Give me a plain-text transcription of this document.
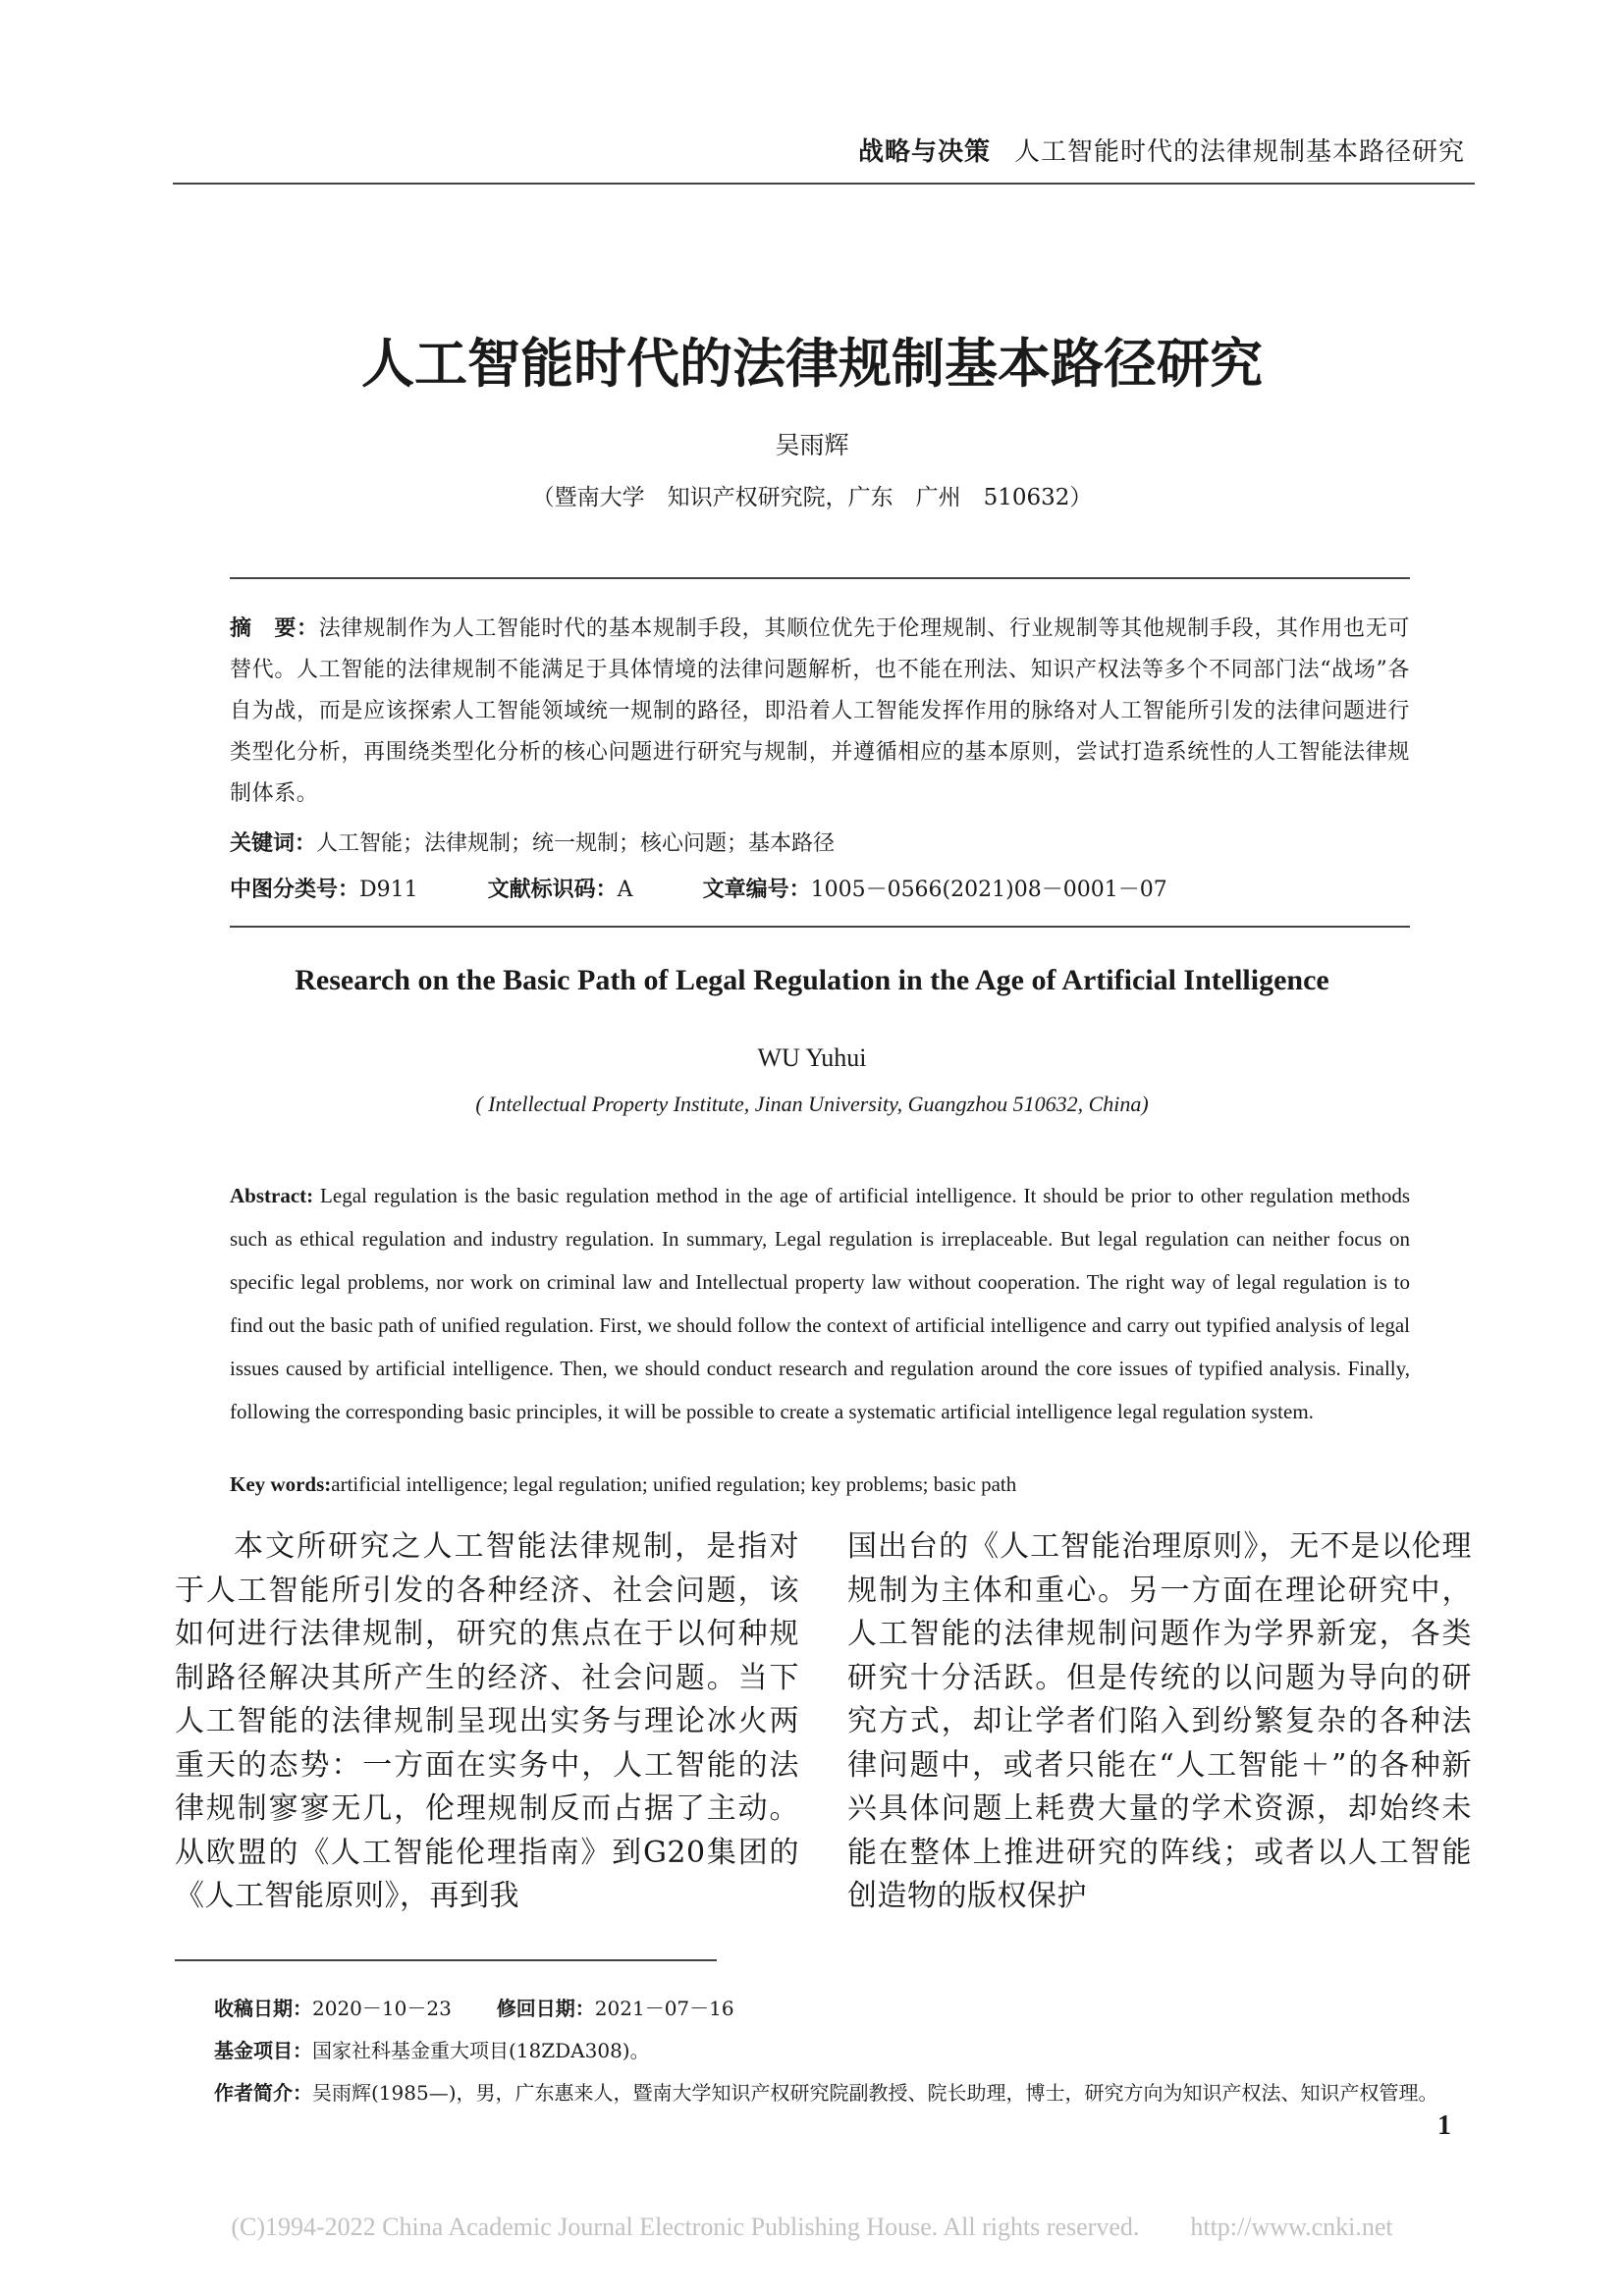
战略与决策 人工智能时代的法律规制基本路径研究
人工智能时代的法律规制基本路径研究
吴雨辉
（暨南大学　知识产权研究院，广东　广州　510632）
摘　要：法律规制作为人工智能时代的基本规制手段，其顺位优先于伦理规制、行业规制等其他规制手段，其作用也无可替代。人工智能的法律规制不能满足于具体情境的法律问题解析，也不能在刑法、知识产权法等多个不同部门法“战场”各自为战，而是应该探索人工智能领域统一规制的路径，即沿着人工智能发挥作用的脉络对人工智能所引发的法律问题进行类型化分析，再围绕类型化分析的核心问题进行研究与规制，并遵循相应的基本原则，尝试打造系统性的人工智能法律规制体系。
关键词：人工智能；法律规制；统一规制；核心问题；基本路径
中图分类号：D911	文献标识码：A	文章编号：1005－0566(2021)08－0001－07
Research on the Basic Path of Legal Regulation in the Age of Artificial Intelligence
WU Yuhui
( Intellectual Property Institute, Jinan University, Guangzhou 510632, China)
Abstract: Legal regulation is the basic regulation method in the age of artificial intelligence. It should be prior to other regulation methods such as ethical regulation and industry regulation. In summary, Legal regulation is irreplaceable. But legal regulation can neither focus on specific legal problems, nor work on criminal law and Intellectual property law without cooperation. The right way of legal regulation is to find out the basic path of unified regulation. First, we should follow the context of artificial intelligence and carry out typified analysis of legal issues caused by artificial intelligence. Then, we should conduct research and regulation around the core issues of typified analysis. Finally, following the corresponding basic principles, it will be possible to create a systematic artificial intelligence legal regulation system.
Key words:artificial intelligence; legal regulation; unified regulation; key problems; basic path
本文所研究之人工智能法律规制，是指对于人工智能所引发的各种经济、社会问题，该如何进行法律规制，研究的焦点在于以何种规制路径解决其所产生的经济、社会问题。当下人工智能的法律规制呈现出实务与理论冰火两重天的态势：一方面在实务中，人工智能的法律规制寥寥无几，伦理规制反而占据了主动。从欧盟的《人工智能伦理指南》到G20集团的《人工智能原则》，再到我
国出台的《人工智能治理原则》，无不是以伦理规制为主体和重心。另一方面在理论研究中，人工智能的法律规制问题作为学界新宠，各类研究十分活跃。但是传统的以问题为导向的研究方式，却让学者们陷入到纷繁复杂的各种法律问题中，或者只能在“人工智能＋”的各种新兴具体问题上耗费大量的学术资源，却始终未能在整体上推进研究的阵线；或者以人工智能创造物的版权保护
收稿日期：2020－10－23 修回日期：2021－07－16
基金项目：国家社科基金重大项目(18ZDA308)。
作者简介：吴雨辉(1985—)，男，广东惠来人，暨南大学知识产权研究院副教授、院长助理，博士，研究方向为知识产权法、知识产权管理。
1
(C)1994-2022 China Academic Journal Electronic Publishing House. All rights reserved.　　http://www.cnki.net
